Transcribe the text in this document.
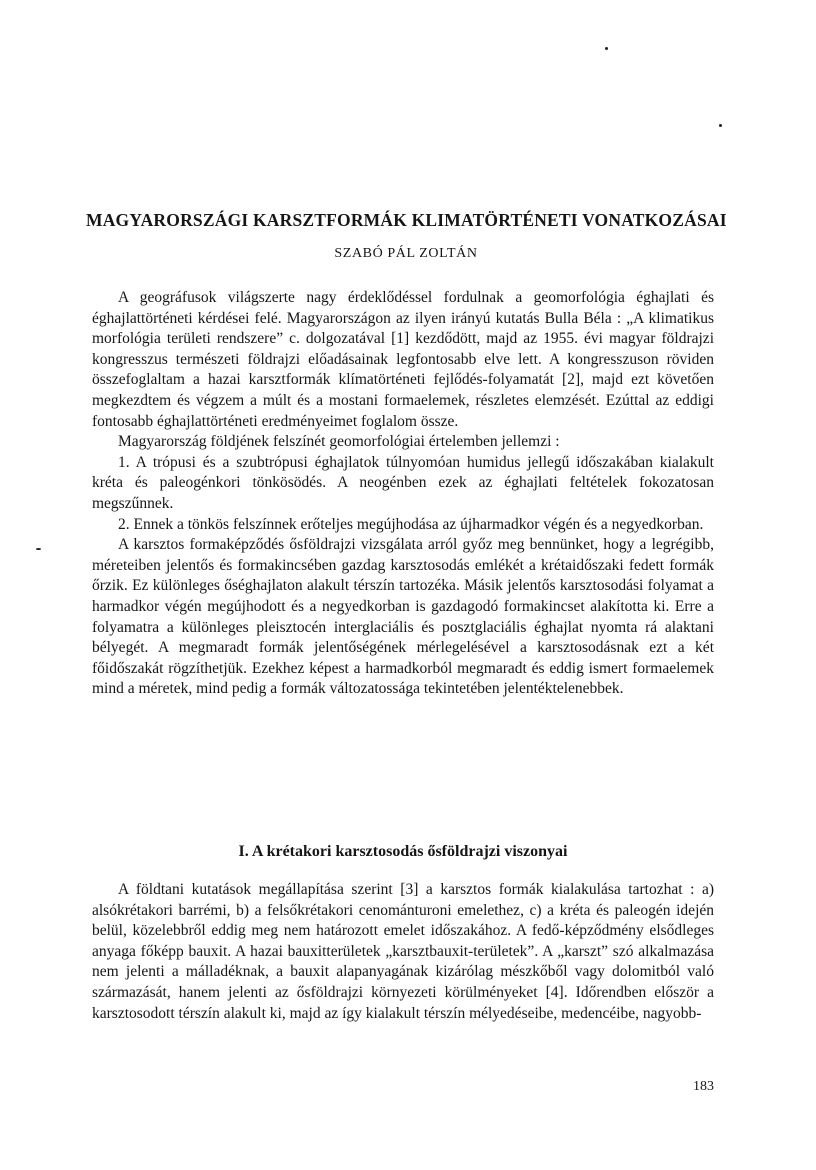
MAGYARORSZÁGI KARSZTFORMÁK KLIMATÖRTÉNETI VONATKOZÁSAI
SZABÓ PÁL ZOLTÁN

A geográfusok világszerte nagy érdeklődéssel fordulnak a geomorfológia éghajlati és éghajlattörténeti kérdései felé. Magyarországon az ilyen irányú kutatás Bulla Béla : „A klimatikus morfológia területi rendszere” c. dolgozatával [1] kezdődött, majd az 1955. évi magyar földrajzi kongresszus természeti földrajzi előadásainak legfontosabb elve lett. A kongresszuson röviden összefoglaltam a hazai karsztformák klímatörténeti fejlődés-folyamatát [2], majd ezt követően megkezdtem és végzem a múlt és a mostani formaelemek, részletes elemzését. Ezúttal az eddigi fontosabb éghajlattörténeti eredményeimet foglalom össze.

Magyarország földjének felszínét geomorfológiai értelemben jellemzi :

1. A trópusi és a szubtrópusi éghajlatok túlnyomóan humidus jellegű időszakában kialakult kréta és paleogénkori tönkösödés. A neogénben ezek az éghajlati feltételek fokozatosan megszűnnek.

2. Ennek a tönkös felszínnek erőteljes megújhodása az újharmadkor végén és a negyedkorban.

A karsztos formaképződés ősföldrajzi vizsgálata arról győz meg bennünket, hogy a legrégibb, méreteiben jelentős és formakincsében gazdag karsztosodás emlékét a krétaidőszaki fedett formák őrzik. Ez különleges őséghajlaton alakult térszín tartozéka. Másik jelentős karsztosodási folyamat a harmadkor végén megújhodott és a negyedkorban is gazdagodó formakincset alakította ki. Erre a folyamatra a különleges pleisztocén interglaciális és posztglaciális éghajlat nyomta rá alaktani bélyegét. A megmaradt formák jelentőségének mérlegelésével a karsztosodásnak ezt a két főidőszakát rögzíthetjük. Ezekhez képest a harmadkorból megmaradt és eddig ismert formaelemek mind a méretek, mind pedig a formák változatossága tekintetében jelentéktelenebbek.

I. A krétakori karsztosodás ősföldrajzi viszonyai

A földtani kutatások megállapítása szerint [3] a karsztos formák kialakulása tartozhat : a) alsókrétakori barrémi, b) a felsőkrétakori cenománturoni emelethez, c) a kréta és paleogén idején belül, közelebbről eddig meg nem határozott emelet időszakához. A fedő-képződmény elsődleges anyaga főképp bauxit. A hazai bauxitterületek „karsztbauxit-területek”. A „karszt” szó alkalmazása nem jelenti a málladéknak, a bauxit alapanyagának kizárólag mészkőből vagy dolomitból való származását, hanem jelenti az ősföldrajzi környezeti körülményeket [4]. Időrendben először a karsztosodott térszín alakult ki, majd az így kialakult térszín mélyedéseibe, medencéibe, nagyobb-

183
